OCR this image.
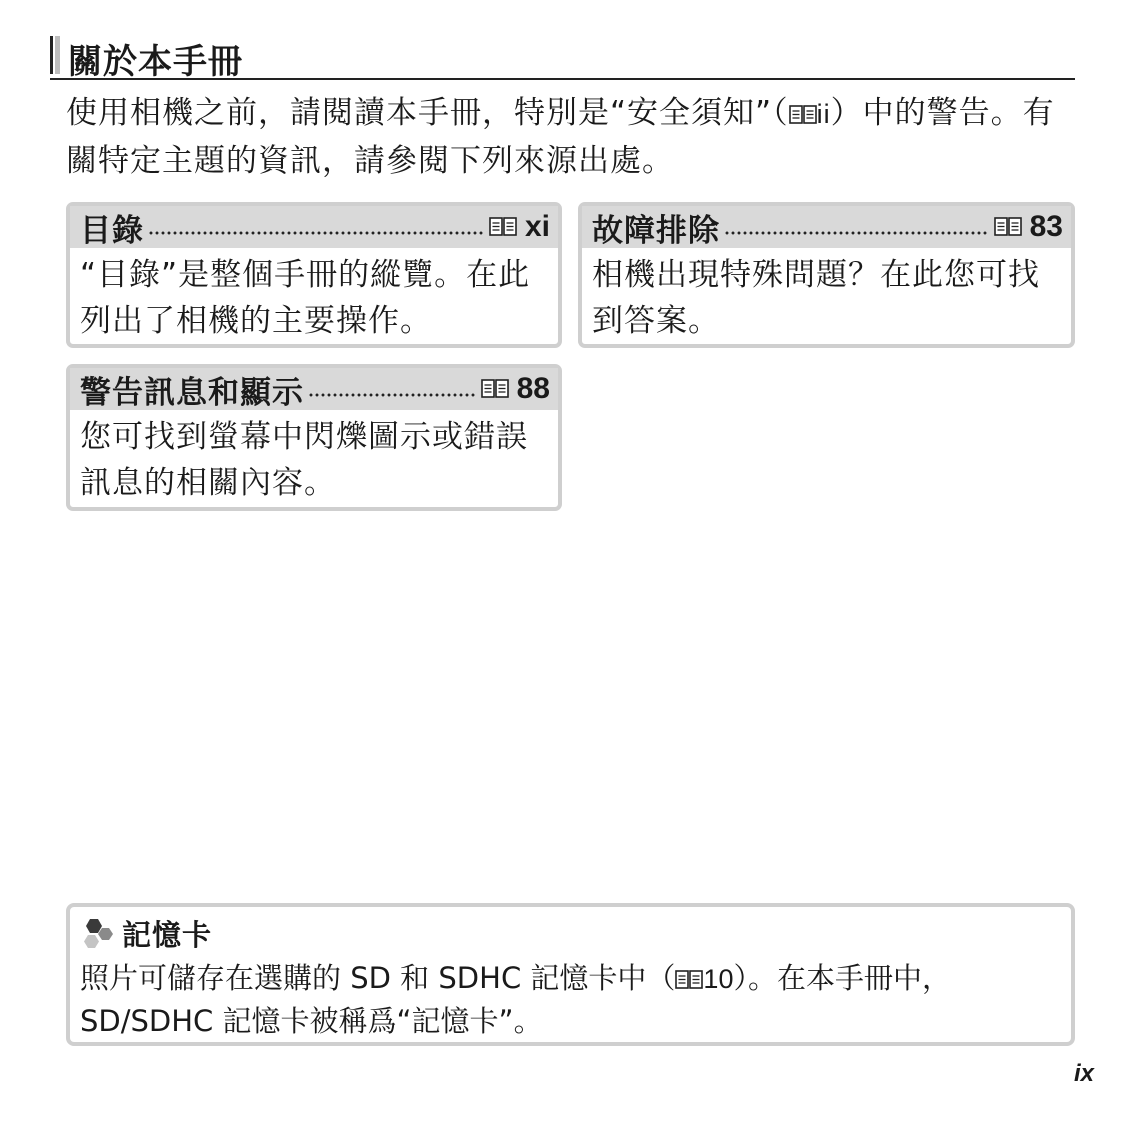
關於本手冊
使用相機之前，請閱讀本手冊，特別是“安全須知”（ ii）中的警告。有關特定主題的資訊，請參閱下列來源出處。
目錄	xi
“目錄”是整個手冊的縱覽。在此列出了相機的主要操作。
故障排除	83
相機出現特殊問題？在此您可找到答案。
警告訊息和顯示	88
您可找到螢幕中閃爍圖示或錯誤訊息的相關內容。
記憶卡
照片可儲存在選購的 SD 和 SDHC 記憶卡中（ 10）。在本手冊中，SD/SDHC 記憶卡被稱爲“記憶卡”。
ix
